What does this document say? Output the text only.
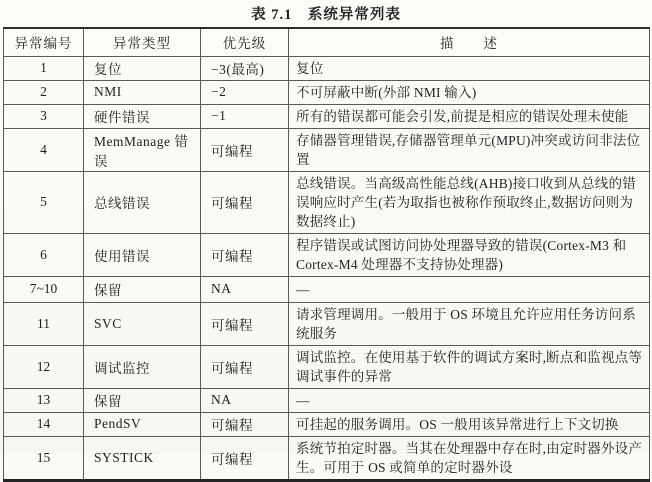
表 7.1　系统异常列表
异常编号	异常类型	优先级	描　　述
1	复位	−3(最高)	复位
2	NMI	−2	不可屏蔽中断(外部 NMI 输入)
3	硬件错误	−1	所有的错误都可能会引发,前提是相应的错误处理未使能
4	MemManage 错误	可编程	存储器管理错误,存储器管理单元(MPU)冲突或访问非法位置
5	总线错误	可编程	总线错误。当高级高性能总线(AHB)接口收到从总线的错误响应时产生(若为取指也被称作预取终止,数据访问则为数据终止)
6	使用错误	可编程	程序错误或试图访问协处理器导致的错误(Cortex-M3 和 Cortex-M4 处理器不支持协处理器)
7~10	保留	NA	—
11	SVC	可编程	请求管理调用。一般用于 OS 环境且允许应用任务访问系统服务
12	调试监控	可编程	调试监控。在使用基于软件的调试方案时,断点和监视点等调试事件的异常
13	保留	NA	—
14	PendSV	可编程	可挂起的服务调用。OS 一般用该异常进行上下文切换
15	SYSTICK	可编程	系统节拍定时器。当其在处理器中存在时,由定时器外设产生。可用于 OS 或简单的定时器外设
